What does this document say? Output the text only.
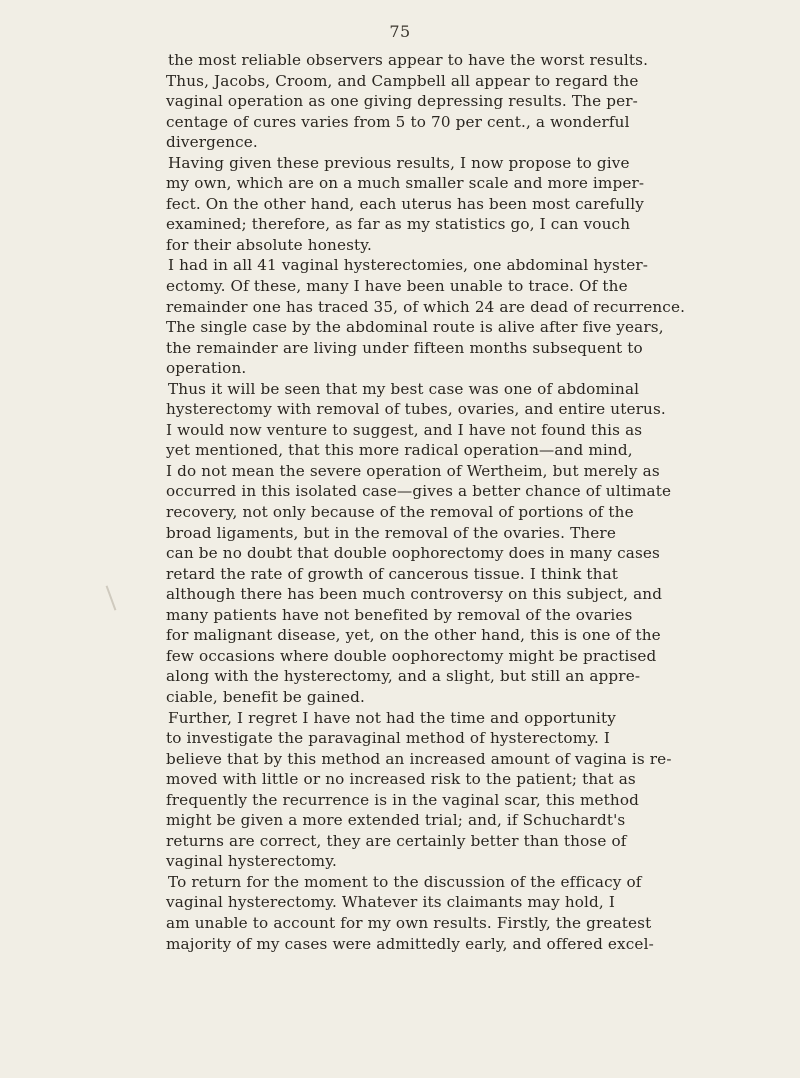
75
the most reliable observers appear to have the worst results.
Thus, Jacobs, Croom, and Campbell all appear to regard the
vaginal operation as one giving depressing results. The per-
centage of cures varies from 5 to 70 per cent., a wonderful
divergence.
Having given these previous results, I now propose to give
my own, which are on a much smaller scale and more imper-
fect. On the other hand, each uterus has been most carefully
examined; therefore, as far as my statistics go, I can vouch
for their absolute honesty.
I had in all 41 vaginal hysterectomies, one abdominal hyster-
ectomy. Of these, many I have been unable to trace. Of the
remainder one has traced 35, of which 24 are dead of recurrence.
The single case by the abdominal route is alive after five years,
the remainder are living under fifteen months subsequent to
operation.
Thus it will be seen that my best case was one of abdominal
hysterectomy with removal of tubes, ovaries, and entire uterus.
I would now venture to suggest, and I have not found this as
yet mentioned, that this more radical operation—and mind,
I do not mean the severe operation of Wertheim, but merely as
occurred in this isolated case—gives a better chance of ultimate
recovery, not only because of the removal of portions of the
broad ligaments, but in the removal of the ovaries. There
can be no doubt that double oophorectomy does in many cases
retard the rate of growth of cancerous tissue. I think that
although there has been much controversy on this subject, and
many patients have not benefited by removal of the ovaries
for malignant disease, yet, on the other hand, this is one of the
few occasions where double oophorectomy might be practised
along with the hysterectomy, and a slight, but still an appre-
ciable, benefit be gained.
Further, I regret I have not had the time and opportunity
to investigate the paravaginal method of hysterectomy. I
believe that by this method an increased amount of vagina is re-
moved with little or no increased risk to the patient; that as
frequently the recurrence is in the vaginal scar, this method
might be given a more extended trial; and, if Schuchardt's
returns are correct, they are certainly better than those of
vaginal hysterectomy.
To return for the moment to the discussion of the efficacy of
vaginal hysterectomy. Whatever its claimants may hold, I
am unable to account for my own results. Firstly, the greatest
majority of my cases were admittedly early, and offered excel-
